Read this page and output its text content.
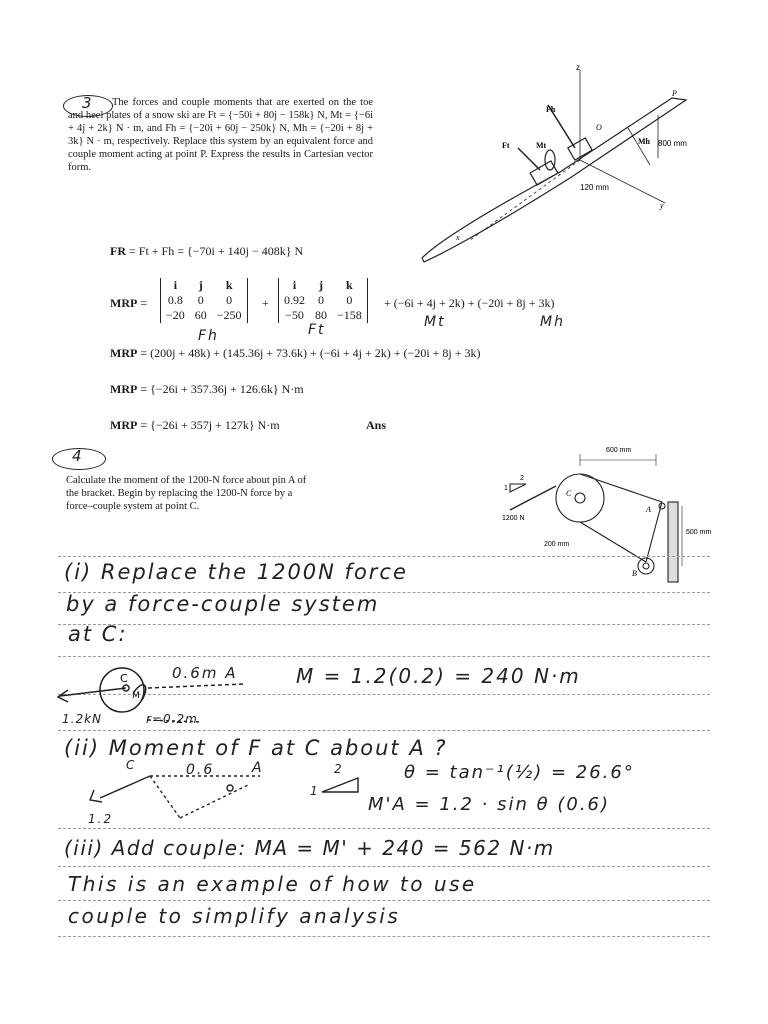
3	The forces and couple moments that are exerted on the toe and heel plates of a snow ski are Ft = {−50i + 80j − 158k} N, Mt = {−6i + 4j + 2k} N · m, and Fh = {−20i + 60j − 250k} N, Mh = {−20i + 8j + 3k} N · m, respectively. Replace this system by an equivalent force and couple moment acting at point P. Express the results in Cartesian vector form.
z
P
Fh
O
Ft	Mt	Mh 800 mm
120 mm
y
x
FR = Ft + Fh = {−70i + 140j − 408k} N
MRP =
i	j	k
0.8	0	0
−20	60	−250
+
i	j	k
0.92	0	0
−50	80	−158
+ (−6i + 4j + 2k) + (−20i + 8j + 3k)
Fh	Ft	Mt	Mh
MRP = (200j + 48k) + (145.36j + 73.6k) + (−6i + 4j + 2k) + (−20i + 8j + 3k)
MRP = {−26i + 357.36j + 126.6k} N·m
MRP = {−26i + 357j + 127k} N·m	Ans
4
Calculate the moment of the 1200-N force about pin A of the bracket. Begin by replacing the 1200-N force by a force–couple system at point C.
600 mm
2
1
C
A
1200 N
500 mm
200 mm
B
(i) Replace the 1200N force
by a force-couple system
at C:
C
M
0.6m A
1.2kN	r=0.2m
M = 1.2(0.2) = 240 N·m
(ii) Moment of F at C about A ?
C	0.6	A
1.2
2
1
θ = tan⁻¹(½) = 26.6°
M'A = 1.2 · sin θ (0.6)
(iii) Add couple: MA = M' + 240 = 562 N·m
This is an example of how to use
couple to simplify analysis
